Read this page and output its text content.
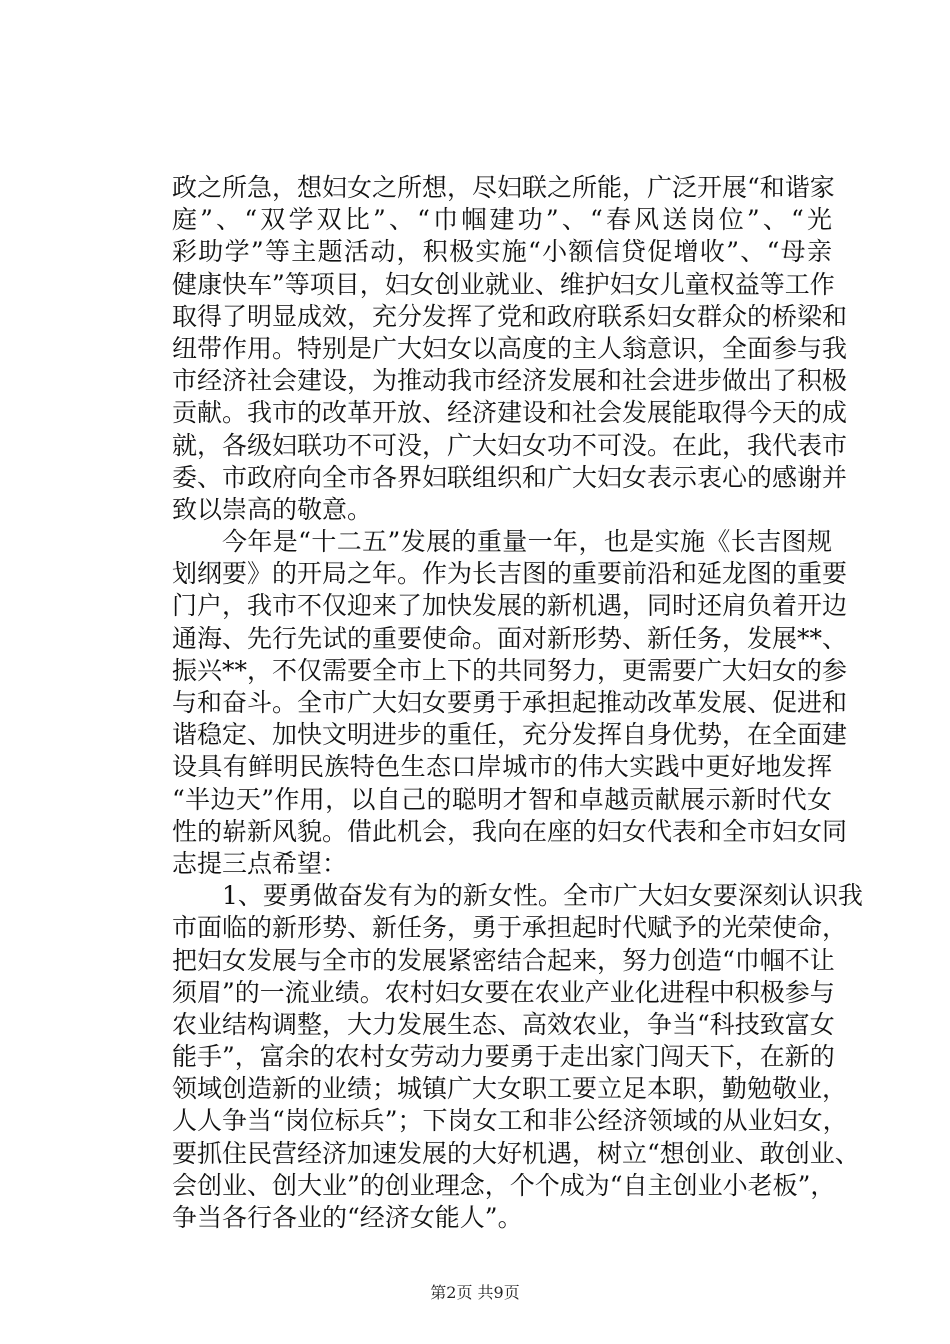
政之所急，想妇女之所想，尽妇联之所能，广泛开展“和谐家
庭”、“双学双比”、“巾帼建功”、“春风送岗位”、“光
彩助学”等主题活动，积极实施“小额信贷促增收”、“母亲
健康快车”等项目，妇女创业就业、维护妇女儿童权益等工作
取得了明显成效，充分发挥了党和政府联系妇女群众的桥梁和
纽带作用。特别是广大妇女以高度的主人翁意识，全面参与我
市经济社会建设，为推动我市经济发展和社会进步做出了积极
贡献。我市的改革开放、经济建设和社会发展能取得今天的成
就，各级妇联功不可没，广大妇女功不可没。在此，我代表市
委、市政府向全市各界妇联组织和广大妇女表示衷心的感谢并
致以崇高的敬意。
今年是“十二五”发展的重量一年，也是实施《长吉图规
划纲要》的开局之年。作为长吉图的重要前沿和延龙图的重要
门户，我市不仅迎来了加快发展的新机遇，同时还肩负着开边
通海、先行先试的重要使命。面对新形势、新任务，发展**、
振兴**，不仅需要全市上下的共同努力，更需要广大妇女的参
与和奋斗。全市广大妇女要勇于承担起推动改革发展、促进和
谐稳定、加快文明进步的重任，充分发挥自身优势，在全面建
设具有鲜明民族特色生态口岸城市的伟大实践中更好地发挥
“半边天”作用，以自己的聪明才智和卓越贡献展示新时代女
性的崭新风貌。借此机会，我向在座的妇女代表和全市妇女同
志提三点希望：
1、要勇做奋发有为的新女性。全市广大妇女要深刻认识我
市面临的新形势、新任务，勇于承担起时代赋予的光荣使命，
把妇女发展与全市的发展紧密结合起来，努力创造“巾帼不让
须眉”的一流业绩。农村妇女要在农业产业化进程中积极参与
农业结构调整，大力发展生态、高效农业，争当“科技致富女
能手”，富余的农村女劳动力要勇于走出家门闯天下，在新的
领域创造新的业绩；城镇广大女职工要立足本职，勤勉敬业，
人人争当“岗位标兵”；下岗女工和非公经济领域的从业妇女，
要抓住民营经济加速发展的大好机遇，树立“想创业、敢创业、
会创业、创大业”的创业理念，个个成为“自主创业小老板”，
争当各行各业的“经济女能人”。
第2页 共9页
